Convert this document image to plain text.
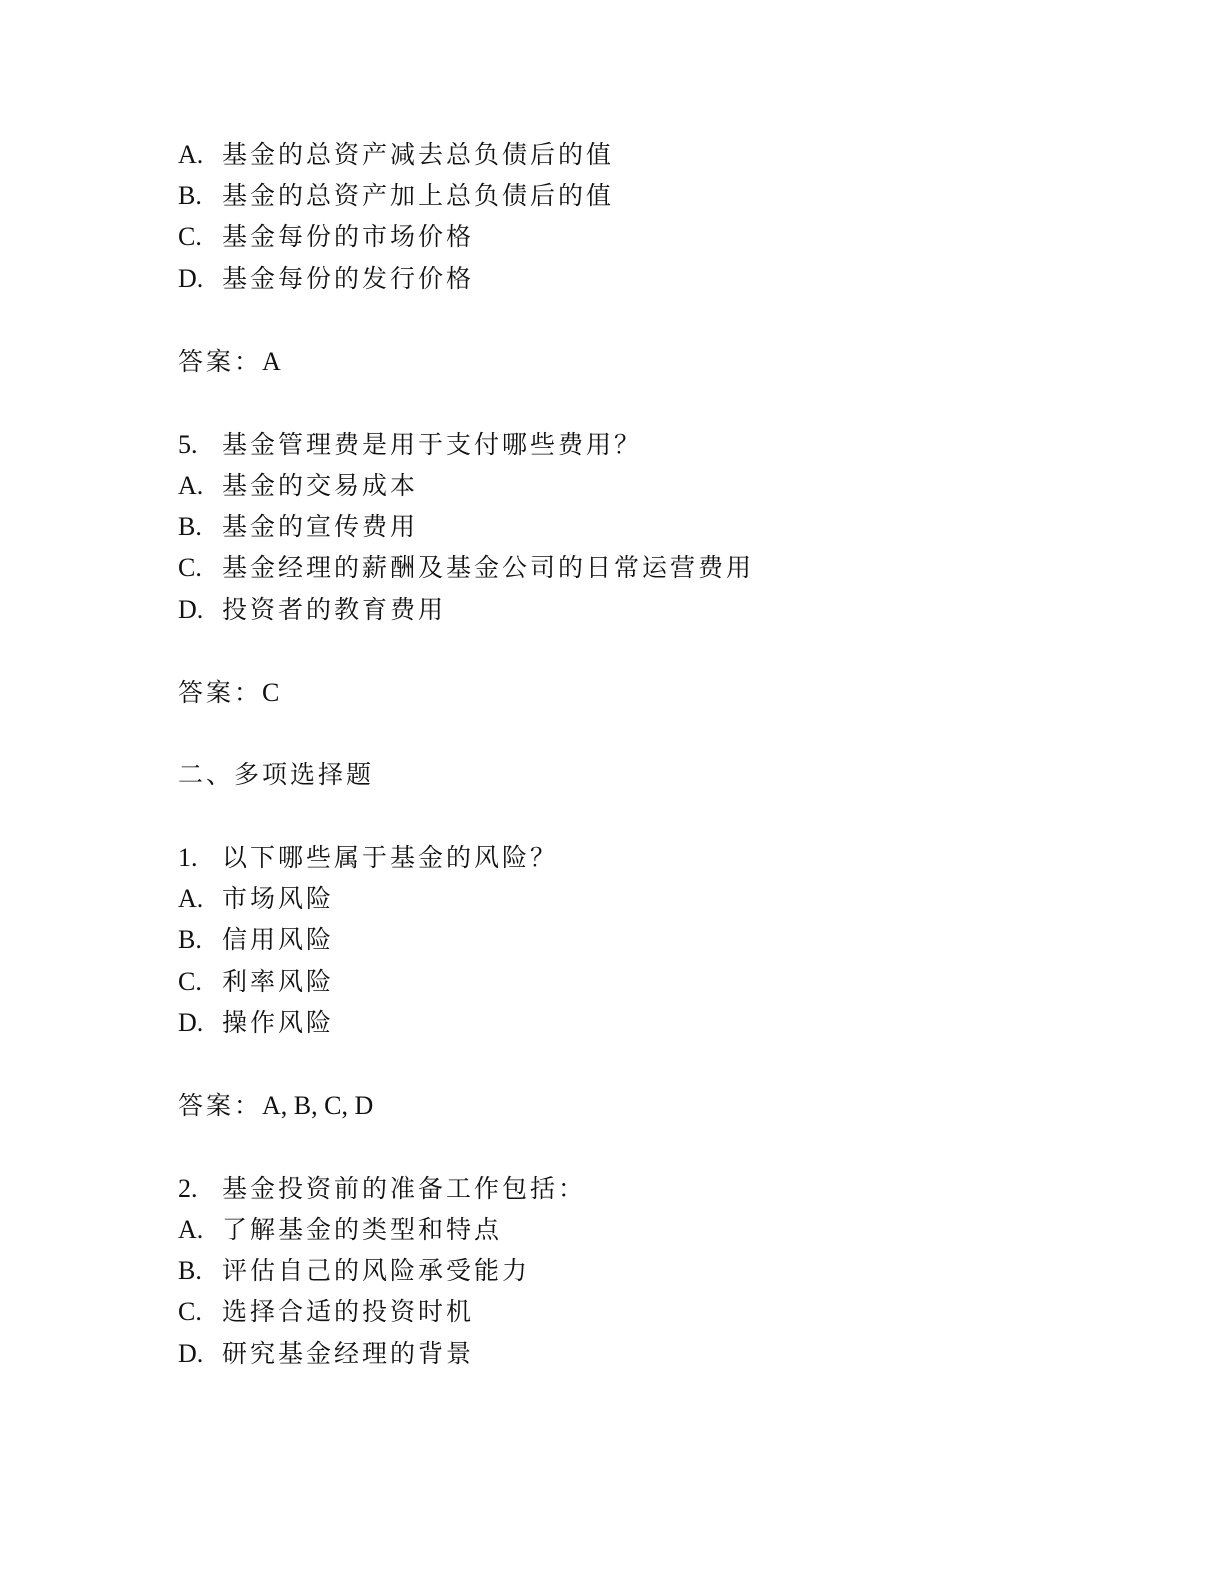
A. 基金的总资产减去总负债后的值
B. 基金的总资产加上总负债后的值
C. 基金每份的市场价格
D. 基金每份的发行价格
答案：A
5. 基金管理费是用于支付哪些费用？
A. 基金的交易成本
B. 基金的宣传费用
C. 基金经理的薪酬及基金公司的日常运营费用
D. 投资者的教育费用
答案：C
二、多项选择题
1. 以下哪些属于基金的风险？
A. 市场风险
B. 信用风险
C. 利率风险
D. 操作风险
答案：A, B, C, D
2. 基金投资前的准备工作包括：
A. 了解基金的类型和特点
B. 评估自己的风险承受能力
C. 选择合适的投资时机
D. 研究基金经理的背景
